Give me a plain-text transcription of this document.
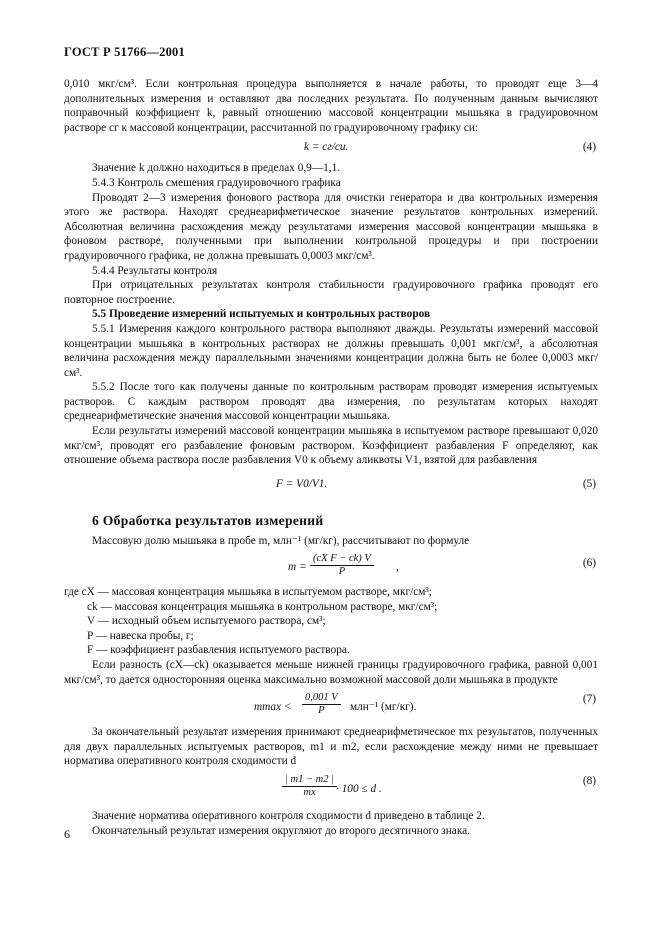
ГОСТ Р 51766—2001

0,010 мкг/см³. Если контрольная процедура выполняется в начале работы, то проводят еще 3—4 дополнительных измерения и оставляют два последних результата. По полученным данным вычисляют поправочный коэффициент k, равный отношению массовой концентрации мышьяка в градуировочном растворе cг к массовой концентрации, рассчитанной по градуировочному графику cи:

k = cг/cи.	(4)

Значение k должно находиться в пределах 0,9—1,1.

5.4.3 Контроль смешения градуировочного графика

Проводят 2—3 измерения фонового раствора для очистки генератора и два контрольных измерения этого же раствора. Находят среднеарифметическое значение результатов контрольных измерений. Абсолютная величина расхождения между результатами измерения массовой концентрации мышьяка в фоновом растворе, полученными при выполнении контрольной процедуры и при построении градуировочного графика, не должна превышать 0,0003 мкг/см³.

5.4.4 Результаты контроля

При отрицательных результатах контроля стабильности градуировочного графика проводят его повторное построение.

5.5 Проведение измерений испытуемых и контрольных растворов

5.5.1 Измерения каждого контрольного раствора выполняют дважды. Результаты измерений массовой концентрации мышьяка в контрольных растворах не должны превышать 0,001 мкг/см³, а абсолютная величина расхождения между параллельными значениями концентрации должна быть не более 0,0003 мкг/см³.

5.5.2 После того как получены данные по контрольным растворам проводят измерения испытуемых растворов. С каждым раствором проводят два измерения, по результатам которых находят среднеарифметические значения массовой концентрации мышьяка.

Если результаты измерений массовой концентрации мышьяка в испытуемом растворе превышают 0,020 мкг/см³, проводят его разбавление фоновым раствором. Коэффициент разбавления F определяют, как отношение объема раствора после разбавления V0 к объему аликвоты V1, взятой для разбавления

F = V0/V1.	(5)
6 Обработка результатов измерений

Массовую долю мышьяка в пробе m, млн⁻¹ (мг/кг), рассчитывают по формуле

$m = \frac{\text{(cX F − ck) V}}{P}$ ,	(6)

где cX — массовая концентрация мышьяка в испытуемом растворе, мкг/см³;

ck — массовая концентрация мышьяка в контрольном растворе, мкг/см³;

V — исходный объем испытуемого раствора, см³;

P — навеска пробы, г;

F — коэффициент разбавления испытуемого раствора.

Если разность (cX—ck) оказывается меньше нижней границы градуировочного графика, равной 0,001 мкг/см³, то дается односторонняя оценка максимально возможной массовой доли мышьяка в продукте

$mmax < \frac{0,001 V}{P} млн^{-1}$ (мг/кг).
(7)

За окончательный результат измерения принимают среднеарифметическое mx результатов, полученных для двух параллельных испытуемых растворов, m1 и m2, если расхождение между ними не превышает норматива оперативного контроля сходимости d

$\frac{| m1 - m2 |}{mx}$
· 100 ≤ d .
(8)

Значение норматива оперативного контроля сходимости d приведено в таблице 2.

Окончательный результат измерения округляют до второго десятичного знака.

6
